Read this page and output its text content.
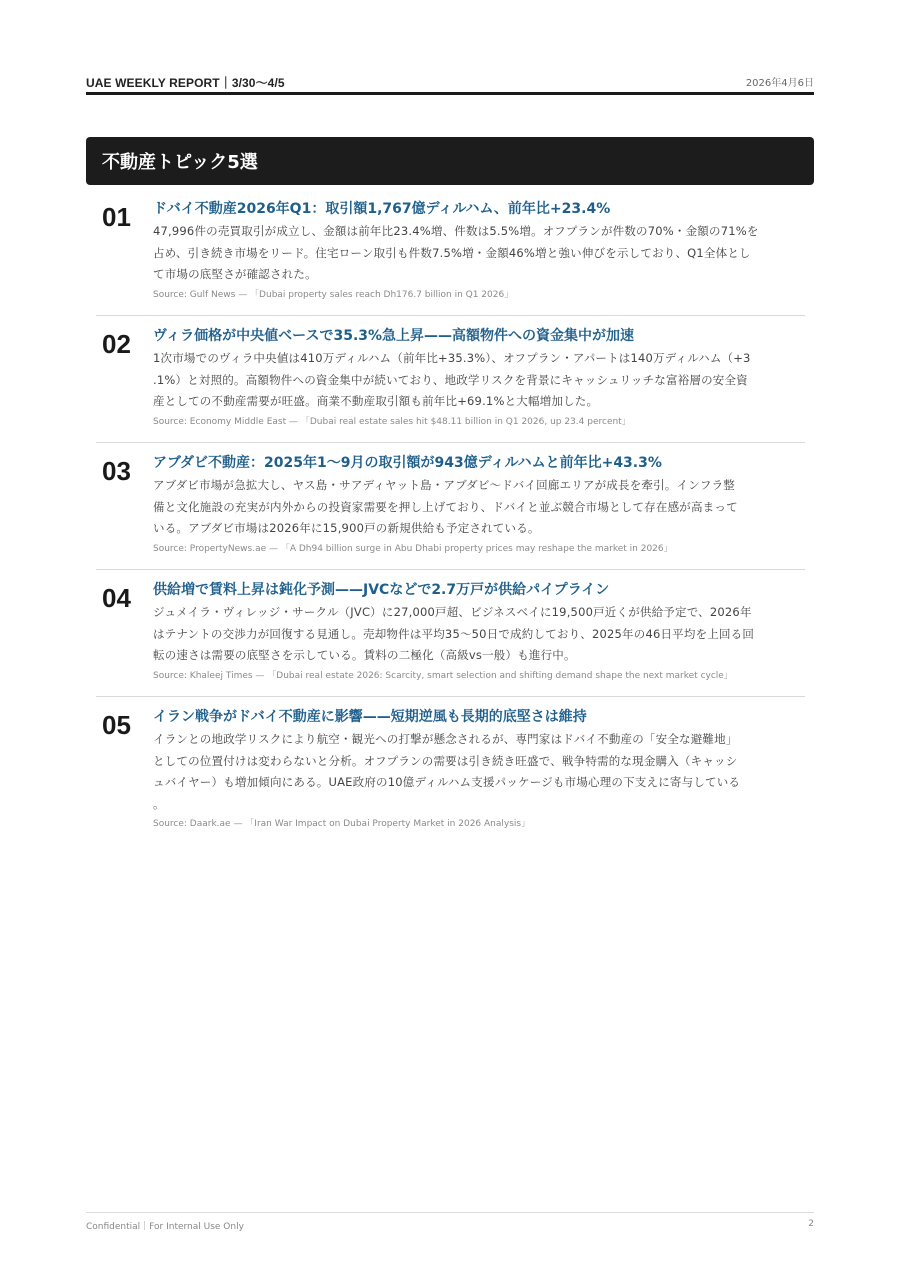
UAE WEEKLY REPORT｜3/30〜4/5	2026年4月6日
不動産トピック5選
01 ドバイ不動産2026年Q1：取引額1,767億ディルハム、前年比+23.4%
47,996件の売買取引が成立し、金額は前年比23.4%増、件数は5.5%増。オフプランが件数の70%・金額の71%を
占め、引き続き市場をリード。住宅ローン取引も件数7.5%増・金額46%増と強い伸びを示しており、Q1全体とし
て市場の底堅さが確認された。
Source: Gulf News — 「Dubai property sales reach Dh176.7 billion in Q1 2026」
02 ヴィラ価格が中央値ベースで35.3%急上昇——高額物件への資金集中が加速
1次市場でのヴィラ中央値は410万ディルハム（前年比+35.3%）、オフプラン・アパートは140万ディルハム（+3
.1%）と対照的。高額物件への資金集中が続いており、地政学リスクを背景にキャッシュリッチな富裕層の安全資
産としての不動産需要が旺盛。商業不動産取引額も前年比+69.1%と大幅増加した。
Source: Economy Middle East — 「Dubai real estate sales hit $48.11 billion in Q1 2026, up 23.4 percent」
03 アブダビ不動産：2025年1〜9月の取引額が943億ディルハムと前年比+43.3%
アブダビ市場が急拡大し、ヤス島・サアディヤット島・アブダビ〜ドバイ回廊エリアが成長を牽引。インフラ整
備と文化施設の充実が内外からの投資家需要を押し上げており、ドバイと並ぶ競合市場として存在感が高まって
いる。アブダビ市場は2026年に15,900戸の新規供給も予定されている。
Source: PropertyNews.ae — 「A Dh94 billion surge in Abu Dhabi property prices may reshape the market in 2026」
04 供給増で賃料上昇は鈍化予測——JVCなどで2.7万戸が供給パイプライン
ジュメイラ・ヴィレッジ・サークル（JVC）に27,000戸超、ビジネスベイに19,500戸近くが供給予定で、2026年
はテナントの交渉力が回復する見通し。売却物件は平均35〜50日で成約しており、2025年の46日平均を上回る回
転の速さは需要の底堅さを示している。賃料の二極化（高級vs一般）も進行中。
Source: Khaleej Times — 「Dubai real estate 2026: Scarcity, smart selection and shifting demand shape the next market cycle」
05 イラン戦争がドバイ不動産に影響——短期逆風も長期的底堅さは維持
イランとの地政学リスクにより航空・観光への打撃が懸念されるが、専門家はドバイ不動産の「安全な避難地」
としての位置付けは変わらないと分析。オフプランの需要は引き続き旺盛で、戦争特需的な現金購入（キャッシ
ュバイヤー）も増加傾向にある。UAE政府の10億ディルハム支援パッケージも市場心理の下支えに寄与している
。
Source: Daark.ae — 「Iran War Impact on Dubai Property Market in 2026 Analysis」
Confidential｜For Internal Use Only	2
